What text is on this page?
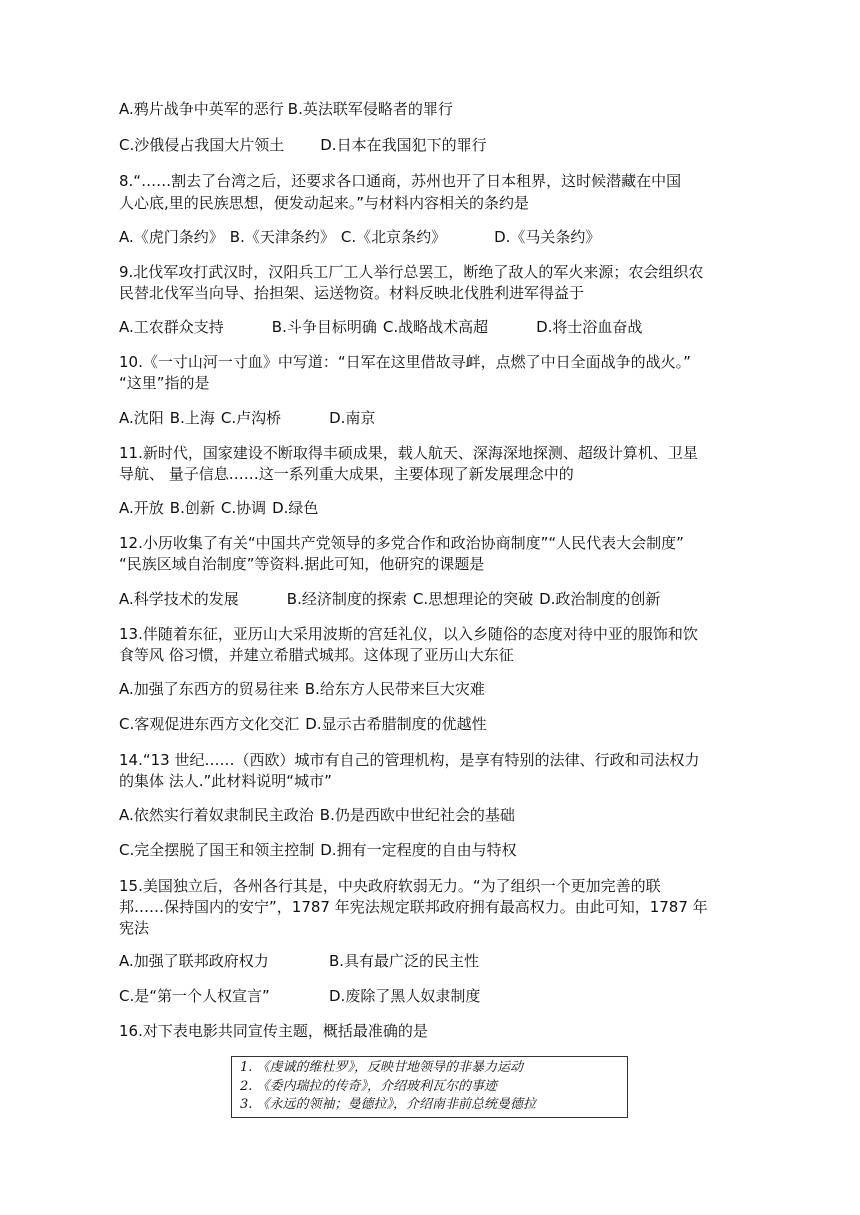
A.鸦片战争中英军的恶行 B.英法联军侵略者的罪行
C.沙俄侵占我国大片领土 D.日本在我国犯下的罪行
8.“……割去了台湾之后，还要求各口通商，苏州也开了日本租界，这时候潜藏在中国
人心底,里的民族思想，便发动起来。”与材料内容相关的条约是
A.《虎门条约》 B.《天津条约》 C.《北京条约》	D.《马关条约》
9.北伐军攻打武汉时，汉阳兵工厂工人举行总罢工，断绝了敌人的军火来源；农会组织农
民替北伐军当向导、抬担架、运送物资。材料反映北伐胜利进军得益于
A.工农群众支持	B.斗争目标明确 C.战略战术高超	D.将士浴血奋战
10.《一寸山河一寸血》中写道：“日军在这里借故寻衅，点燃了中日全面战争的战火。”
“这里”指的是
A.沈阳 B.上海 C.卢沟桥	D.南京
11.新时代，国家建设不断取得丰硕成果，载人航天、深海深地探测、超级计算机、卫星
导航、 量子信息……这一系列重大成果，主要体现了新发展理念中的
A.开放 B.创新 C.协调 D.绿色
12.小历收集了有关“中国共产党领导的多党合作和政治协商制度”“人民代表大会制度”
“民族区域自治制度”等资料.据此可知，他研究的课题是
A.科学技术的发展	B.经济制度的探索 C.思想理论的突破 D.政治制度的创新
13.伴随着东征，亚历山大采用波斯的宫廷礼仪，以入乡随俗的态度对待中亚的服饰和饮
食等风 俗习惯，并建立希腊式城邦。这体现了亚历山大东征
A.加强了东西方的贸易往来 B.给东方人民带来巨大灾难
C.客观促进东西方文化交汇 D.显示古希腊制度的优越性
14.“13 世纪……（西欧）城市有自己的管理机构，是享有特别的法律、行政和司法权力
的集体 法人.”此材料说明“城市”
A.依然实行着奴隶制民主政治 B.仍是西欧中世纪社会的基础
C.完全摆脱了国王和领主控制 D.拥有一定程度的自由与特权
15.美国独立后，各州各行其是，中央政府软弱无力。“为了组织一个更加完善的联
邦……保持国内的安宁”，1787 年宪法规定联邦政府拥有最高权力。由此可知，1787 年
宪法
A.加强了联邦政府权力	B.具有最广泛的民主性
C.是“第一个人权宣言”	D.废除了黑人奴隶制度
16.对下表电影共同宣传主题，概括最准确的是
1. 《虔诚的维杜罗》，反映甘地领导的非暴力运动
2. 《委内瑞拉的传奇》，介绍玻利瓦尔的事迹
3. 《永远的领袖；曼德拉》，介绍南非前总统曼德拉
